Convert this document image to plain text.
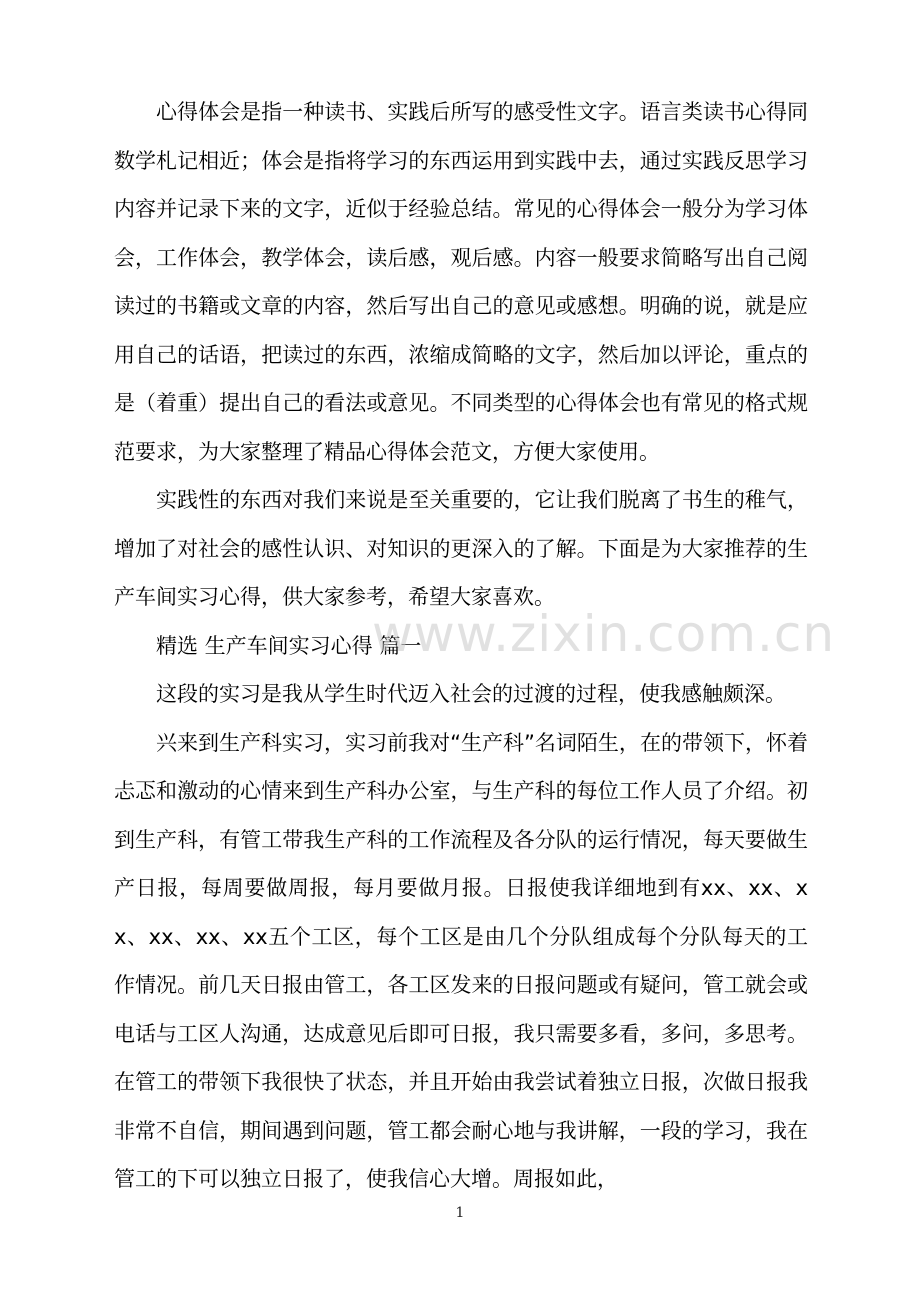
心得体会是指一种读书、实践后所写的感受性文字。语言类读书心得同数学札记相近；体会是指将学习的东西运用到实践中去，通过实践反思学习内容并记录下来的文字，近似于经验总结。常见的心得体会一般分为学习体会，工作体会，教学体会，读后感，观后感。内容一般要求简略写出自己阅读过的书籍或文章的内容，然后写出自己的意见或感想。明确的说，就是应用自己的话语，把读过的东西，浓缩成简略的文字，然后加以评论，重点的是（着重）提出自己的看法或意见。不同类型的心得体会也有常见的格式规范要求，为大家整理了精品心得体会范文，方便大家使用。

实践性的东西对我们来说是至关重要的，它让我们脱离了书生的稚气，增加了对社会的感性认识、对知识的更深入的了解。下面是为大家推荐的生产车间实习心得，供大家参考，希望大家喜欢。

精选 生产车间实习心得 篇一

这段的实习是我从学生时代迈入社会的过渡的过程，使我感触颇深。

兴来到生产科实习，实习前我对“生产科”名词陌生，在的带领下，怀着忐忑和激动的心情来到生产科办公室，与生产科的每位工作人员了介绍。初到生产科，有管工带我生产科的工作流程及各分队的运行情况，每天要做生产日报，每周要做周报，每月要做月报。日报使我详细地到有xx、xx、xx、xx、xx、xx五个工区，每个工区是由几个分队组成每个分队每天的工作情况。前几天日报由管工，各工区发来的日报问题或有疑问，管工就会或电话与工区人沟通，达成意见后即可日报，我只需要多看，多问，多思考。在管工的带领下我很快了状态，并且开始由我尝试着独立日报，次做日报我非常不自信，期间遇到问题，管工都会耐心地与我讲解，一段的学习，我在管工的下可以独立日报了，使我信心大增。周报如此，

www.zixin.com.cn
1
